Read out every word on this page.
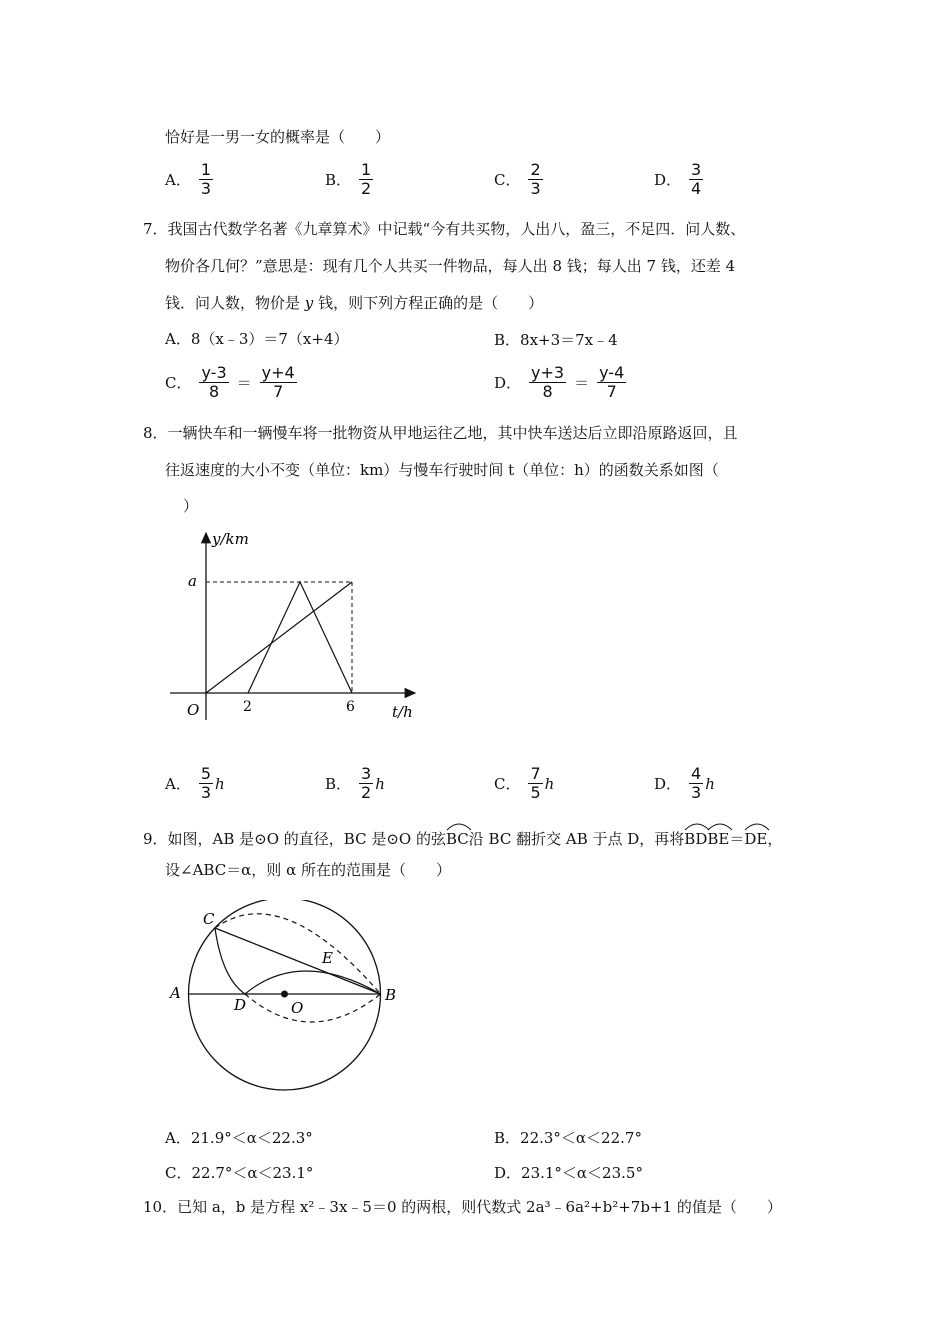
恰好是一男一女的概率是（　　）
A． $\frac{1}{3}$	B． $\frac{1}{2}$	C． $\frac{2}{3}$	D． $\frac{3}{4}$
7．我国古代数学名著《九章算术》中记载“今有共买物，人出八，盈三，不足四．问人数、
物价各几何？”意思是：现有几个人共买一件物品，每人出 8 钱；每人出 7 钱，还差 4
钱．问人数，物价是 y 钱，则下列方程正确的是（　　）
A．8（x﹣3）＝7（x+4）	B．8x+3＝7x﹣4
C． $\frac{y-3}{8} = \frac{y+4}{7}$	D． $\frac{y+3}{8} = \frac{y-4}{7}$
8．一辆快车和一辆慢车将一批物资从甲地运往乙地，其中快车送达后立即沿原路返回，且
往返速度的大小不变（单位：km）与慢车行驶时间 t（单位：h）的函数关系如图（
）
y/km
t/h
O
a
2	6
A． $\frac{5}{3}$ h	B． $\frac{3}{2}$ h	C． $\frac{7}{5}$ h	D． $\frac{4}{3}$ h
9．如图， AB 是⊙O 的直径，BC 是⊙O 的弦 BC 沿 BC 翻折交 AB 于点 D，再将 BD BE ＝ DE ，
设∠ABC＝α，则 α 所在的范围是（　　）
A	B
C
D
E
O
A．21.9°＜α＜22.3°	B．22.3°＜α＜22.7°
C．22.7°＜α＜23.1°	D．23.1°＜α＜23.5°
10．已知 a，b 是方程 x²﹣3x﹣5＝0 的两根，则代数式 2a³﹣6a²+b²+7b+1 的值是（　　）
